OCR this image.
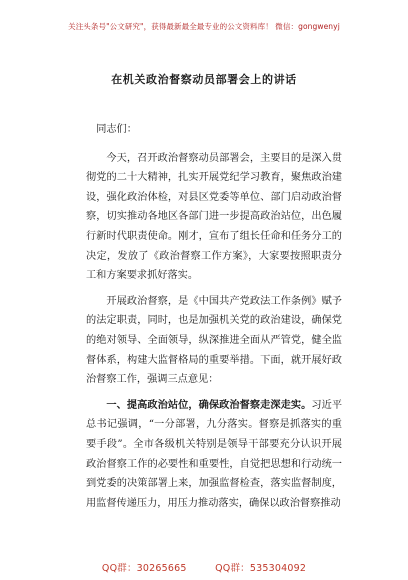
关注头条号"公文研究"，获得最新最全最专业的公文资料库！ 微信：gongwenyj
在机关政治督察动员部署会上的讲话

同志们：

今天，召开政治督察动员部署会，主要目的是深入贯彻党的二十大精神，扎实开展党纪学习教育，聚焦政治建设，强化政治体检，对县区党委等单位、部门启动政治督察，切实推动各地区各部门进一步提高政治站位，出色履行新时代职责使命。刚才，宣布了组长任命和任务分工的决定，发放了《政治督察工作方案》，大家要按照职责分工和方案要求抓好落实。

开展政治督察，是《中国共产党政法工作条例》赋予的法定职责，同时，也是加强机关党的政治建设，确保党的绝对领导、全面领导，纵深推进全面从严管党，健全监督体系，构建大监督格局的重要举措。下面，就开展好政治督察工作，强调三点意见：

一、提高政治站位，确保政治督察走深走实。习近平总书记强调，“一分部署，九分落实。督察是抓落实的重要手段”。全市各级机关特别是领导干部要充分认识开展政治督察工作的必要性和重要性，自觉把思想和行动统一到党委的决策部署上来，加强监督检查，落实监督制度，用监督传递压力，用压力推动落实，确保以政治督察推动

QQ群：30265665	QQ群：535304092
